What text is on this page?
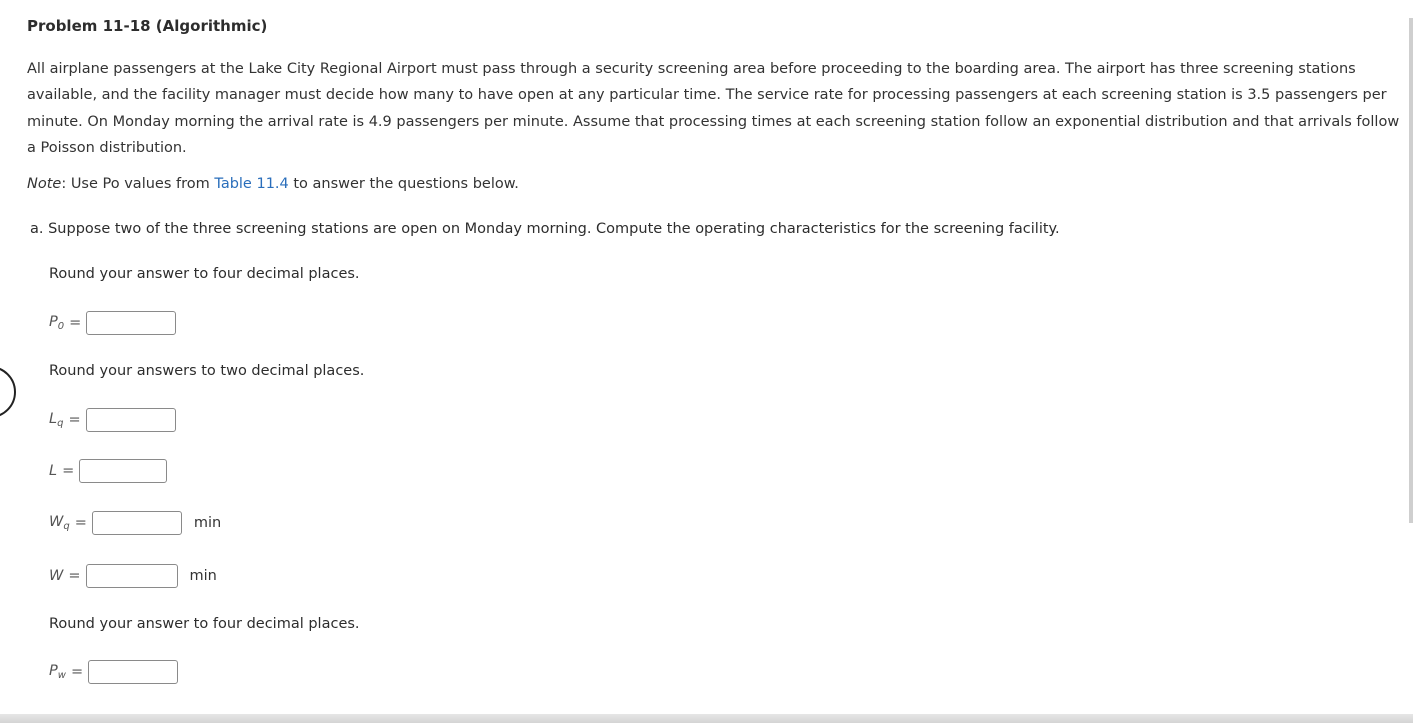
Problem 11-18 (Algorithmic)

All airplane passengers at the Lake City Regional Airport must pass through a security screening area before proceeding to the boarding area. The airport has three screening stations available, and the facility manager must decide how many to have open at any particular time. The service rate for processing passengers at each screening station is 3.5 passengers per minute. On Monday morning the arrival rate is 4.9 passengers per minute. Assume that processing times at each screening station follow an exponential distribution and that arrivals follow a Poisson distribution.

Note: Use Po values from Table 11.4 to answer the questions below.

a. Suppose two of the three screening stations are open on Monday morning. Compute the operating characteristics for the screening facility.

Round your answer to four decimal places.

$P_0$ =

Round your answers to two decimal places.

$L_q$ =
L =
$W_q$ =	min
W =	min

Round your answer to four decimal places.

$P_w$ =
